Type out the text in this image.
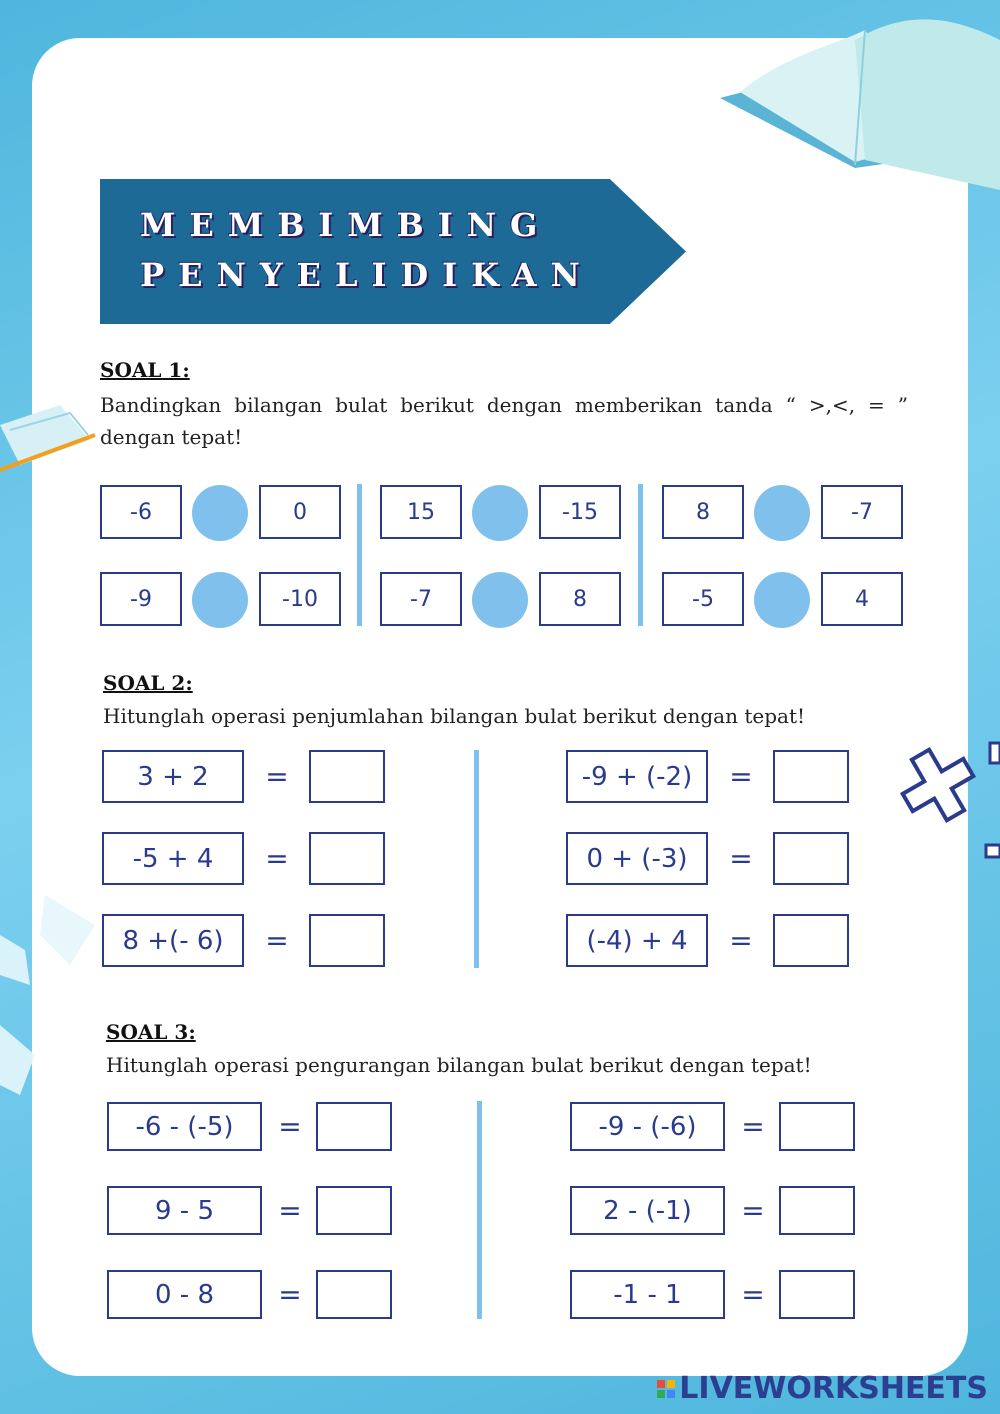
MEMBIMBING
PENYELIDIKAN
SOAL 1:
Bandingkan bilangan bulat berikut dengan memberikan tanda “ >,<, = ” dengan tepat!
SOAL 2:
Hitunglah operasi penjumlahan bilangan bulat berikut dengan tepat!
SOAL 3:
Hitunglah operasi pengurangan bilangan bulat berikut dengan tepat!
LIVEWORKSHEETS
-6	0	15	-15	8	-7
-9	-10	-7	8	-5	4
3 + 2	=
-5 + 4	=
8 +(- 6)	=
-9 + (-2)	=
0 + (-3)	=
(-4) + 4	=
-6 - (-5)	=
9 - 5	=
0 - 8	=
-9 - (-6)	=
2 - (-1)	=
-1 - 1	=
